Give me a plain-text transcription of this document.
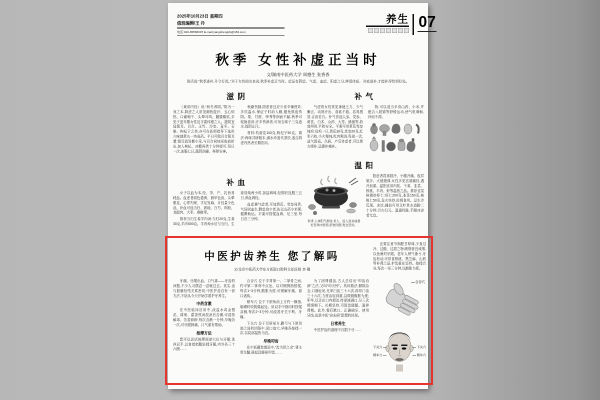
2025年10月23日 星期四
值班编辑/王 丹
电话:010-65566007 E-mail:yangshengzk@163.com
养生 07
秋季 女性补虚正当时
文/湖南中医药大学 周德生 张香香
俗话说:“秋季进补,冬令打虎。”对于女性朋友来说,秋季补虚正当时。虚证有阴虚、气虚、血虚、阳虚之分,辨清体质、对症进补,才能补得恰到好处。
滋阴

《黄帝内经》说:“秋冬养阴。”阴为一身之本,阴虚之人常见潮热盗汗、五心烦热、口燥咽干、头晕耳鸣、腰膝酸软,多见于更年期女性及平素体瘦之人。滋阴宜选银耳、百合、玉竹、沙参、麦冬、石斛、枸杞子之类,亦可在医师指导下选用六味地黄丸一类成药。平日可做百合银耳羹:银耳泡发撕小朵,与百合同炖至胶质析出,加入枸杞、冰糖再煮十分钟即可,每日一次,连服七日,滋阴润燥、养颜安神。

秋燥伤肺,阴虚者还应少食辛辣煎炸,多饮温水,保证子时前入睡,避免熬夜伤阴。梨、甘蔗、荸荠等润而不腻,秋季可轮换食用;汗多伤津者,可用五味子三克泡水,敛阴止汗。

材料:杭菊花100克,枸杞子50克。做法:两味共研粗末,沸水冲泡代茶饮,适合阴虚内热者长期饮用。

补气

气虚的女性常见神疲乏力、少气懒言、动则汗出、食欲不振、容易感冒,舌淡苔白。补气首选人参、党参、黄芪、白术、山药、大枣、蜂蜜等,药食两用,平和安全。平素可用黄芪党参炖鸡:母鸡一只,黄芪30克,党参20克,红枣六枚,小火慢炖,吃肉喝汤,每周一次,益气固表。久病、产后体虚者,可以膏方缓补,忌骤补峻补。

物,可以适当多食山药、小米,并配合八段锦等舒缓运动,使气机调畅,补而不滞。

补血

女子以血为本,经、孕、产、乳皆易耗血。血虚者面色萎黄、唇甲色淡、头晕眼花、心悸失眠、手足发麻、月经量少色淡。补血可选当归、熟地、白芍、阿胶、龙眼肉、大枣、桑椹等。

推荐当归生姜羊肉汤:当归20克,生姜30克,羊肉500克。羊肉焯水后与当归、生姜同炖两小时,加盐调味,经期后连服三五日,养血调经。

血虚兼气虚者,可加黄芪、党参同煮,气旺则血生;脾虚食少者,佐以山药小米粥,健脾助运。平素可按揉血海、足三里,每日各三分钟。

温阳

秋季,人体阳气渐收,老人、虚人进补前最好咨询中医师,药食同源,贵在坚持。

阳虚者畏寒肢冷、小腹冷痛、夜尿频多、大便溏薄,女性多见宫寒痛经,遇冷加重。温阳宜用肉桂、干姜、韭菜、核桃、羊肉、虾等温热之品。推荐韭菜核桃炒虾仁:虾仁200克,韭菜150克,核桃仁50克,急火快炒,佐餐食用。忌生冷瓜果、冰饮,睡前可用艾叶煮水泡脚二十分钟,引火归元、温通经脉,手脚冰凉者尤宜。

中医护齿养生 您了解吗
文/北京中医药大学东方医院口腔科主任医师 李 刚

牙痛、牙龈出血、口气重——牙齿的问题,不少人习惯忍一忍就过去。其实,齿与脏腑经络关系密切,中医护齿自有一套方法,不妨从今天开始学着护牙养生。

中药含漱

在中医临床应用中,淡盐水或金银花、薄荷、藿香煎汤放凉后含漱,可清热解毒、芳香辟秽,每次含漱一分钟,早晚各一次,对牙龈肿痛、口气重有帮助。

按摩方法

您可以尝试按摩面部穴位与牙龈:洗净双手,以食指指腹轻揉牙龈,内外各三十六圈……

合谷穴 位于手背第一、二掌骨之间,约平第二掌骨中点处。以对侧拇指按揉,每次1~3分钟,酸胀为度,可缓解牙痛、面口诸疾。

颊车穴 位于下颌角前上方约一横指,咀嚼时咬肌隆起处。用双手中指同时按揉双侧,每次2~3分钟,可改善牙关不利、牙痛。

下关穴 位于耳屏前方,颧弓与下颌切迹之间的凹陷中,闭口取穴,早晚各按揉一次,以局部温热为宜。

早晚叩齿

在中医藏象理论中,“齿为骨之余”,肾主骨生髓,晨起及睡前叩齿……

为了固肾健齿,古人总结出“叩齿吞津”之法,又叫“叩天钟”。具体做法:摒除杂念,口唇轻闭,先叩臼齿三十六次,再叩门齿三十六次,力度由轻到重,以微微酸胀为度;叩毕,以舌在口内搅动,待津液满口,分三次缓缓咽下。长期坚持,可固齿健龈、滋养肾精。此外,餐后漱口、正确刷牙、使用牙线,也是中医“治未病”思想的体现。

日常养生

中医护齿的道理不仅限于牙……

还要注意节制肥甘厚味,少食过冷、过酸、过甜之物;吸烟者宜戒烟,以免熏灼牙龈。老年人肾气渐亏,牙齿松动,可常食核桃、黑芝麻、山药等补肾之品,护齿重在坚持。按揉合谷,每次一至三分钟,以酸胀为度。

合谷穴
下关穴	下关穴
颊车穴	颊车穴
